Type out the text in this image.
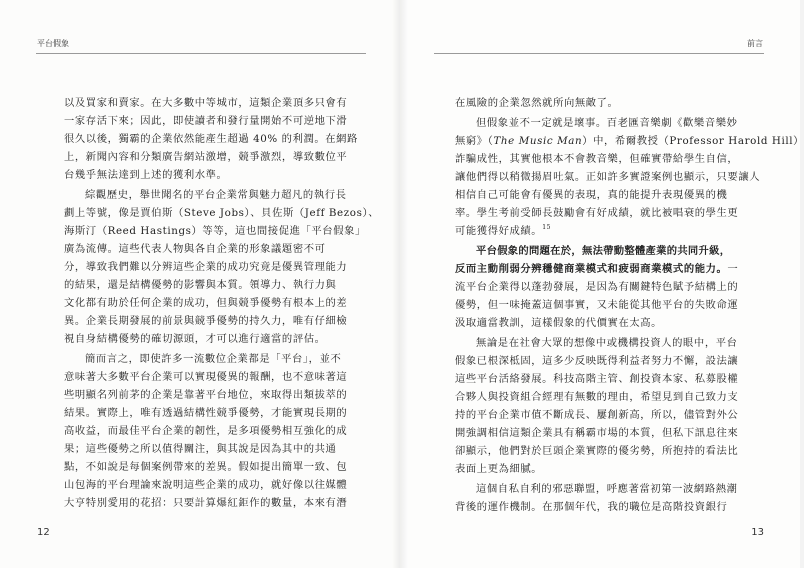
平台假象
以及買家和賣家。在大多數中等城市，這類企業頂多只會有
一家存活下來；因此，即使讀者和發行量開始不可逆地下滑
很久以後，獨霸的企業依然能產生超過 40% 的利潤。在網路
上，新聞內容和分類廣告網站激增，競爭激烈，導致數位平
台幾乎無法達到上述的獲利水準。
綜觀歷史，舉世聞名的平台企業常與魅力超凡的執行長
劃上等號，像是賈伯斯（Steve Jobs）、貝佐斯（Jeff Bezos）、
海斯汀（Reed Hastings）等等，這也間接促進「平台假象」
廣為流傳。這些代表人物與各自企業的形象議題密不可
分，導致我們難以分辨這些企業的成功究竟是優異管理能力
的結果，還是結構優勢的影響與本質。領導力、執行力與
文化都有助於任何企業的成功，但與競爭優勢有根本上的差
異。企業長期發展的前景與競爭優勢的持久力，唯有仔細檢
視自身結構優勢的確切源頭，才可以進行適當的評估。
簡而言之，即使許多一流數位企業都是「平台」，並不
意味著大多數平台企業可以實現優異的報酬，也不意味著這
些明顯名列前茅的企業是靠著平台地位，來取得出類拔萃的
結果。實際上，唯有透過結構性競爭優勢，才能實現長期的
高收益，而最佳平台企業的韌性，是多項優勢相互強化的成
果；這些優勢之所以值得關注，與其說是因為其中的共通
點，不如說是每個案例帶來的差異。假如提出簡單一致、包
山包海的平台理論來說明這些企業的成功，就好像以往媒體
大亨特別愛用的花招：只要計算爆紅鉅作的數量，本來有潛
12
前言
在風險的企業忽然就所向無敵了。
但假象並不一定就是壞事。百老匯音樂劇《歡樂音樂妙
無窮》（The Music Man）中，希爾教授（Professor Harold Hill）
詐騙成性，其實他根本不會教音樂，但確實帶給學生自信，
讓他們得以稍微揚眉吐氣。正如許多實證案例也顯示，只要讓人
相信自己可能會有優異的表現，真的能提升表現優異的機
率。學生考前受師長鼓勵會有好成績，就比被唱衰的學生更
可能獲得好成績。$^{15}$
平台假象的問題在於，無法帶動整體產業的共同升級，
反而主動削弱分辨穩健商業模式和疲弱商業模式的能力。一
流平台企業得以蓬勃發展，是因為有關鍵特色賦予結構上的
優勢，但一味掩蓋這個事實，又未能從其他平台的失敗命運
汲取適當教訓，這樣假象的代價實在太高。
無論是在社會大眾的想像中或機構投資人的眼中，平台
假象已根深柢固，這多少反映既得利益者努力不懈，設法讓
這些平台活絡發展。科技高階主管、創投資本家、私募股權
合夥人與投資組合經理有無數的理由，希望見到自己致力支
持的平台企業市值不斷成長、屢創新高，所以，儘管對外公
開強調相信這類企業具有稱霸市場的本質，但私下訊息往來
卻顯示，他們對於巨頭企業實際的優劣勢，所抱持的看法比
表面上更為細膩。
這個自私自利的邪惡聯盟，呼應著當初第一波網路熱潮
背後的運作機制。在那個年代，我的職位是高階投資銀行
13
